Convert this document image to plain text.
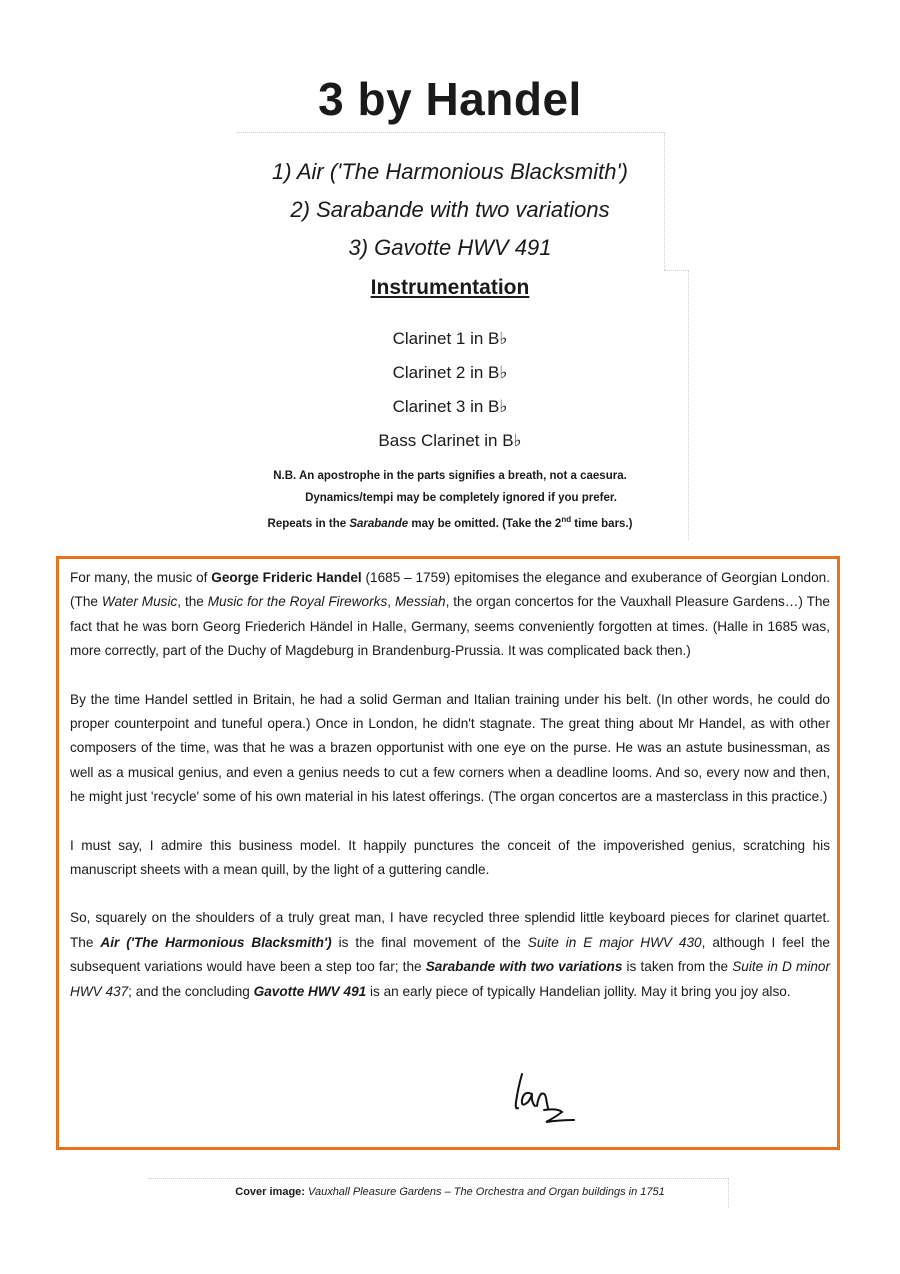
3 by Handel
1) Air ('The Harmonious Blacksmith')
2) Sarabande with two variations
3) Gavotte HWV 491
Instrumentation
Clarinet 1 in B♭
Clarinet 2 in B♭
Clarinet 3 in B♭
Bass Clarinet in B♭
N.B. An apostrophe in the parts signifies a breath, not a caesura.
Dynamics/tempi may be completely ignored if you prefer.
Repeats in the Sarabande may be omitted. (Take the 2nd time bars.)

For many, the music of George Frideric Handel (1685 – 1759) epitomises the elegance and exuberance of Georgian London. (The Water Music, the Music for the Royal Fireworks, Messiah, the organ concertos for the Vauxhall Pleasure Gardens…) The fact that he was born Georg Friederich Händel in Halle, Germany, seems conveniently forgotten at times. (Halle in 1685 was, more correctly, part of the Duchy of Magdeburg in Brandenburg-Prussia. It was complicated back then.)

By the time Handel settled in Britain, he had a solid German and Italian training under his belt. (In other words, he could do proper counterpoint and tuneful opera.) Once in London, he didn't stagnate. The great thing about Mr Handel, as with other composers of the time, was that he was a brazen opportunist with one eye on the purse. He was an astute businessman, as well as a musical genius, and even a genius needs to cut a few corners when a deadline looms. And so, every now and then, he might just 'recycle' some of his own material in his latest offerings. (The organ concertos are a masterclass in this practice.)

I must say, I admire this business model. It happily punctures the conceit of the impoverished genius, scratching his manuscript sheets with a mean quill, by the light of a guttering candle.

So, squarely on the shoulders of a truly great man, I have recycled three splendid little keyboard pieces for clarinet quartet. The Air ('The Harmonious Blacksmith') is the final movement of the Suite in E major HWV 430, although I feel the subsequent variations would have been a step too far; the Sarabande with two variations is taken from the Suite in D minor HWV 437; and the concluding Gavotte HWV 491 is an early piece of typically Handelian jollity. May it bring you joy also.

Cover image: Vauxhall Pleasure Gardens – The Orchestra and Organ buildings in 1751
